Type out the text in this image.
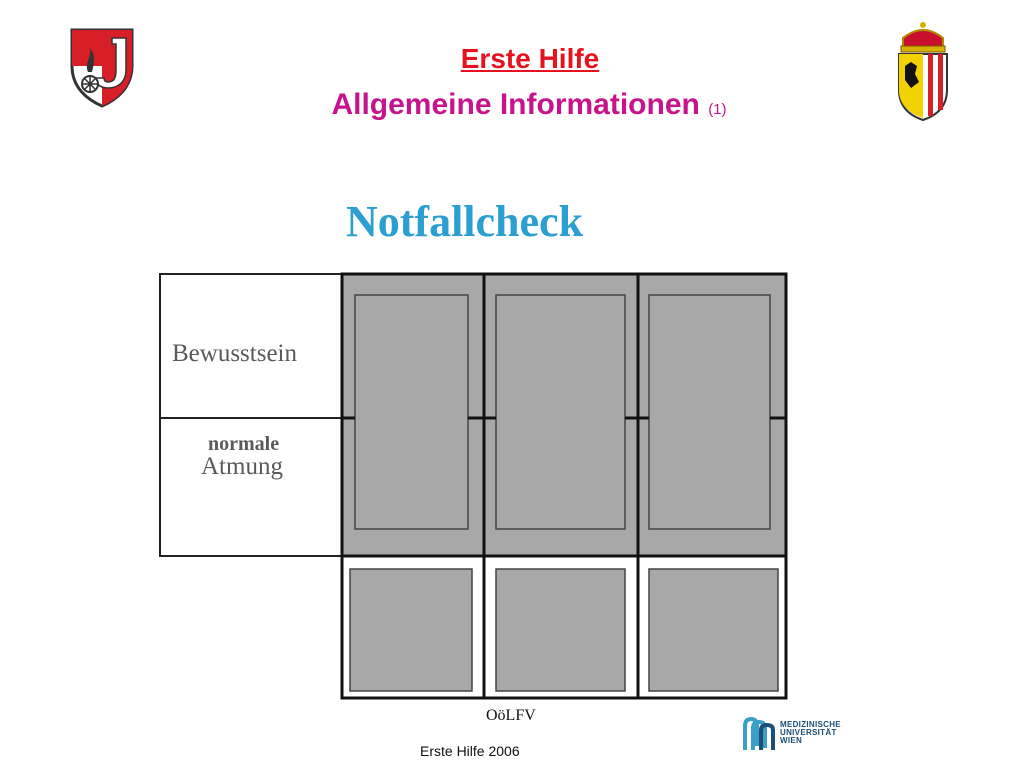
Erste Hilfe
Allgemeine Informationen (1)
Notfallcheck
Bewusstsein
normale
Atmung
OöLFV
Erste Hilfe 2006
MEDIZINISCHE
UNIVERSITÄT
WIEN
